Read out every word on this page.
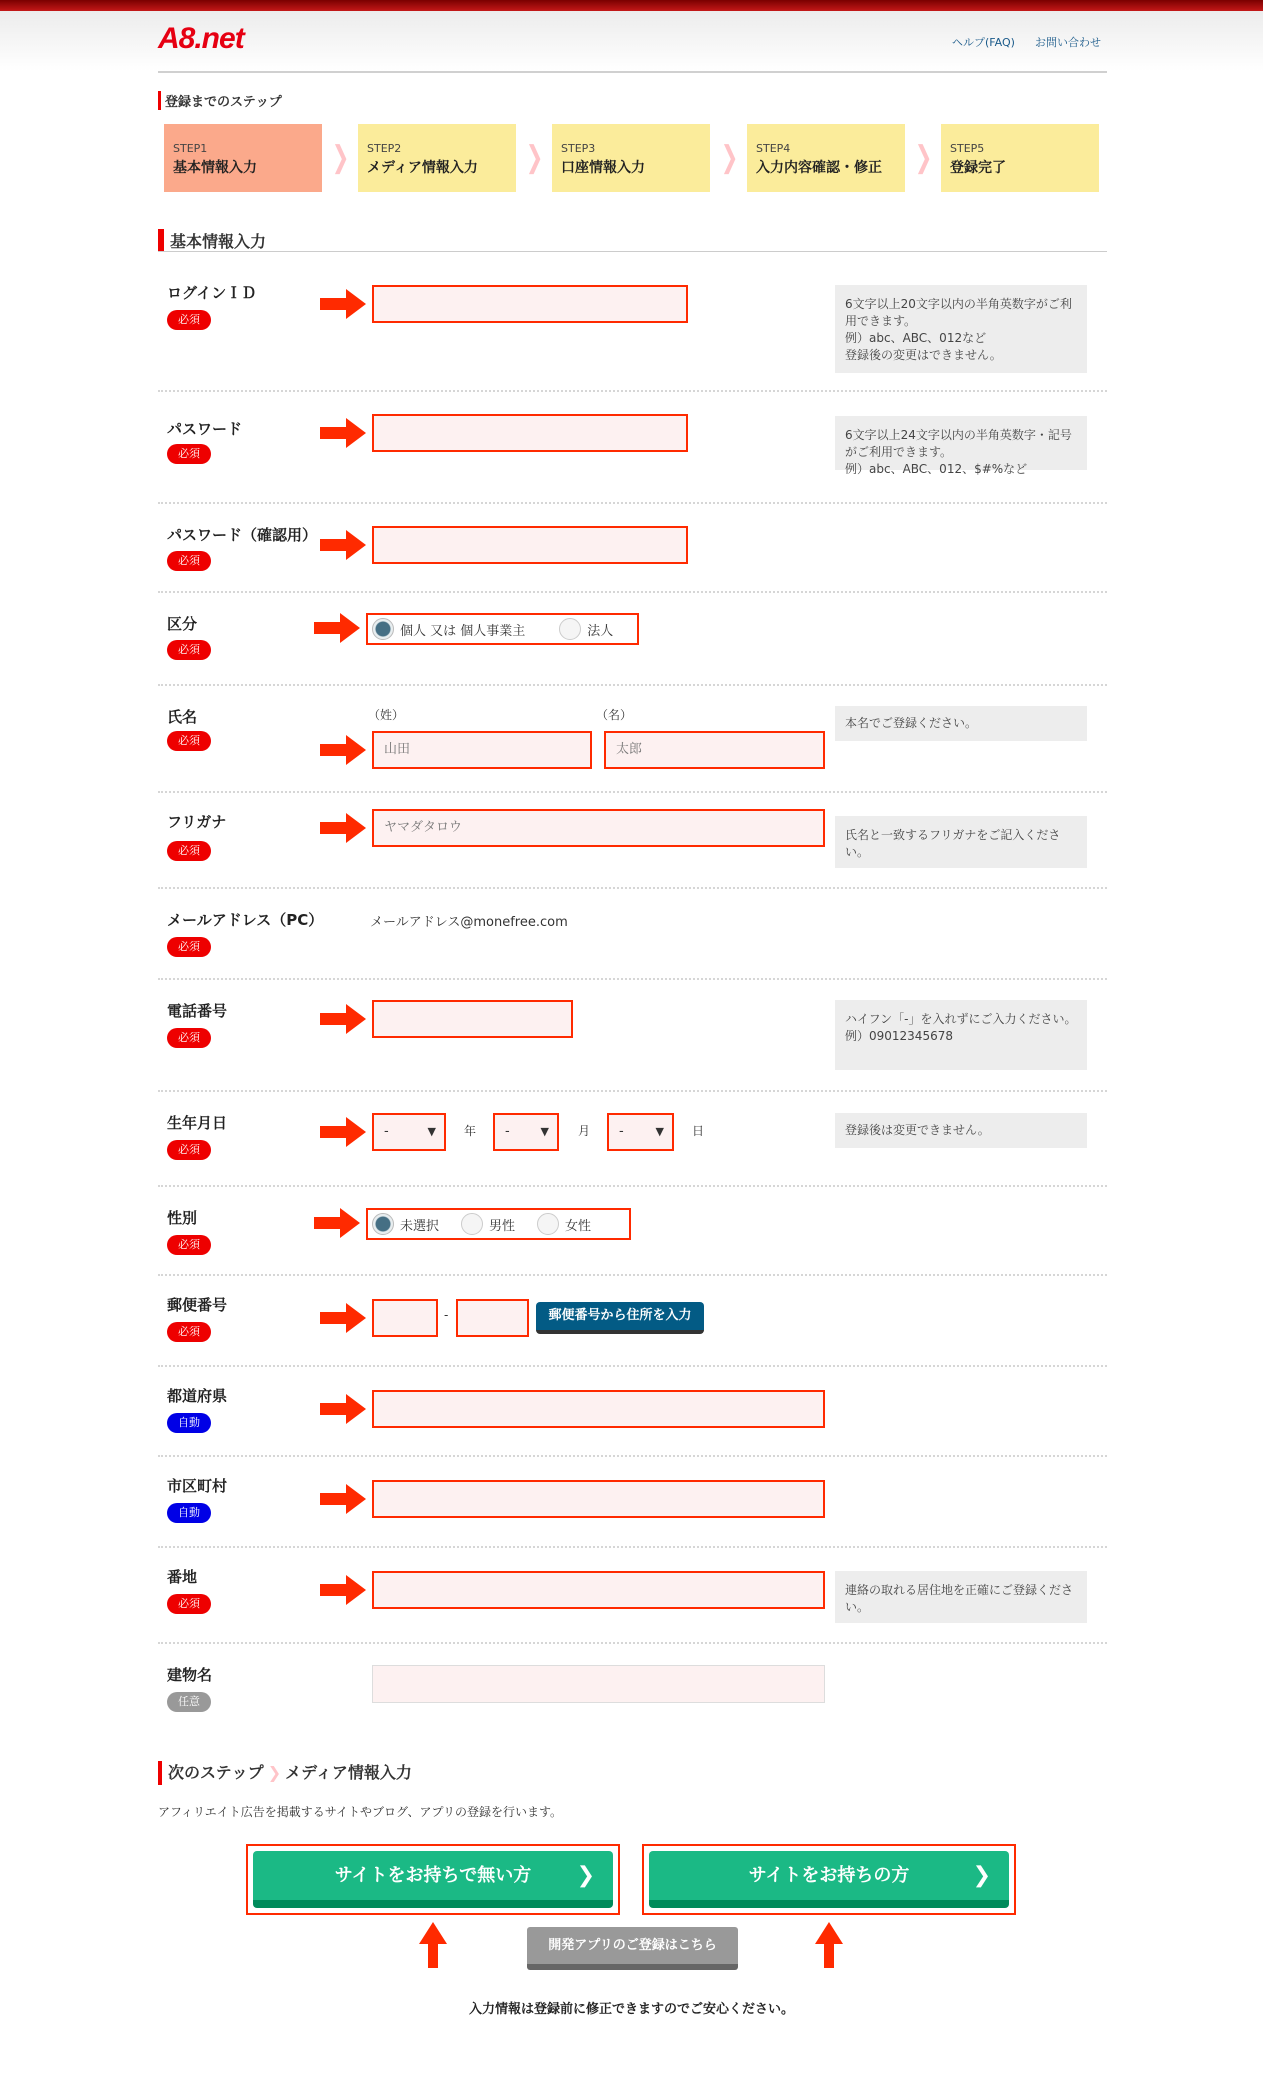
A8.net	ヘルプ(FAQ) お問い合わせ
登録までのステップ
STEP1
基本情報入力	❯ STEP2
メディア情報入力	❯ STEP3
口座情報入力	❯ STEP4
入力内容確認・修正	❯ STEP5
登録完了
基本情報入力
ログインＩＤ
必須
6文字以上20文字以内の半角英数字がご利用できます。
例）abc、ABC、012など
登録後の変更はできません。
パスワード
必須
6文字以上24文字以内の半角英数字・記号がご利用できます。
例）abc、ABC、012、$#%など
パスワード（確認用）
必須
区分
必須
個人 又は 個人事業主	法人
氏名
必須
（姓）	（名）
山田	太郎
本名でご登録ください。
フリガナ
必須
ヤマダタロウ	氏名と一致するフリガナをご記入ください。
メールアドレス（PC）
必須
メールアドレス@monefree.com
電話番号
必須
ハイフン「-」を入れずにご入力ください。
例）09012345678
生年月日
必須
-	▼ 年	-	▼ 月	-	▼ 日	登録後は変更できません。
性別
必須
未選択	男性	女性
郵便番号
必須
-	郵便番号から住所を入力
都道府県
自動
市区町村
自動
番地
必須
連絡の取れる居住地を正確にご登録ください。
建物名
任意
次のステップ ❯ メディア情報入力
アフィリエイト広告を掲載するサイトやブログ、アプリの登録を行います。
サイトをお持ちで無い方 ❯	サイトをお持ちの方	❯
開発アプリのご登録はこちら
入力情報は登録前に修正できますのでご安心ください。
